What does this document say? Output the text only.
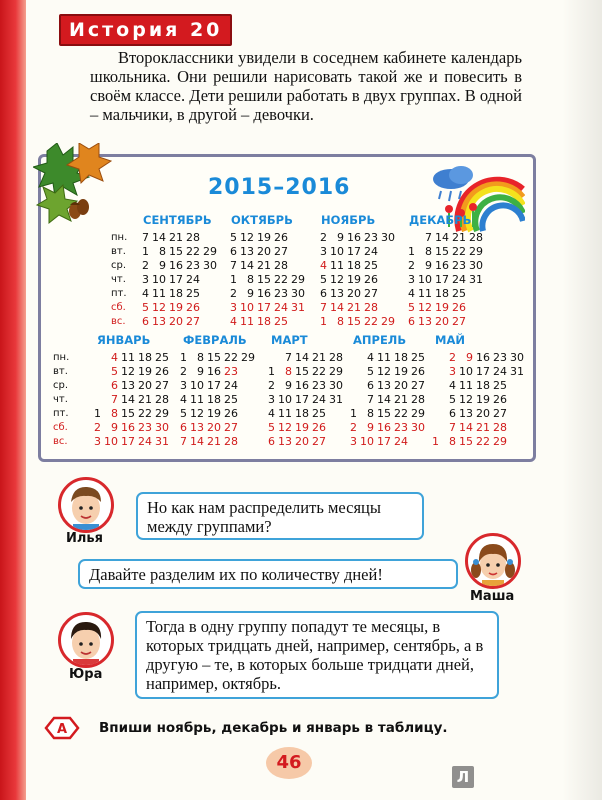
История 20
Второклассники увидели в соседнем кабинете календарь школьника. Они решили нарисовать такой же и повесить в своём классе. Дети решили работать в двух группах. В одной – мальчики, в другой – девочки.
2015–2016
пн.
вт.
ср.
чт.
пт.
сб.
вс.
СЕНТЯБРЬ
7 14 21 28
1 8 15 22 29
2 9 16 23 30
3 10 17 24
4 11 18 25
5 12 19 26
6 13 20 27
ОКТЯБРЬ
5 12 19 26
6 13 20 27
7 14 21 28
1 8 15 22 29
2 9 16 23 30
3 10 17 24 31
4 11 18 25
НОЯБРЬ
2 9 16 23 30
3 10 17 24
4 11 18 25
5 12 19 26
6 13 20 27
7 14 21 28
1 8 15 22 29
ДЕКАБРЬ
7 14 21 28
1 8 15 22 29
2 9 16 23 30
3 10 17 24 31
4 11 18 25
5 12 19 26
6 13 20 27
пн.
вт.
ср.
чт.
пт.
сб.
вс.
ЯНВАРЬ
4 11 18 25
5 12 19 26
6 13 20 27
7 14 21 28
1 8 15 22 29
2 9 16 23 30
3 10 17 24 31
ФЕВРАЛЬ
1 8 15 22 29
2 9 16 23
3 10 17 24
4 11 18 25
5 12 19 26
6 13 20 27
7 14 21 28
МАРТ
7 14 21 28
1 8 15 22 29
2 9 16 23 30
3 10 17 24 31
4 11 18 25
5 12 19 26
6 13 20 27
АПРЕЛЬ
4 11 18 25
5 12 19 26
6 13 20 27
7 14 21 28
1 8 15 22 29
2 9 16 23 30
3 10 17 24
МАЙ
2 9 16 23 30
3 10 17 24 31
4 11 18 25
5 12 19 26
6 13 20 27
7 14 21 28
1 8 15 22 29
Илья
Но как нам распределить месяцы между группами?
Давайте разделим их по количеству дней!
Маша
Юра
Тогда в одну группу попадут те месяцы, в которых тридцать дней, например, сентябрь, а в другую – те, в которых больше тридцати дней, например, октябрь.
А Впиши ноябрь, декабрь и январь в таблицу.
46
Л
